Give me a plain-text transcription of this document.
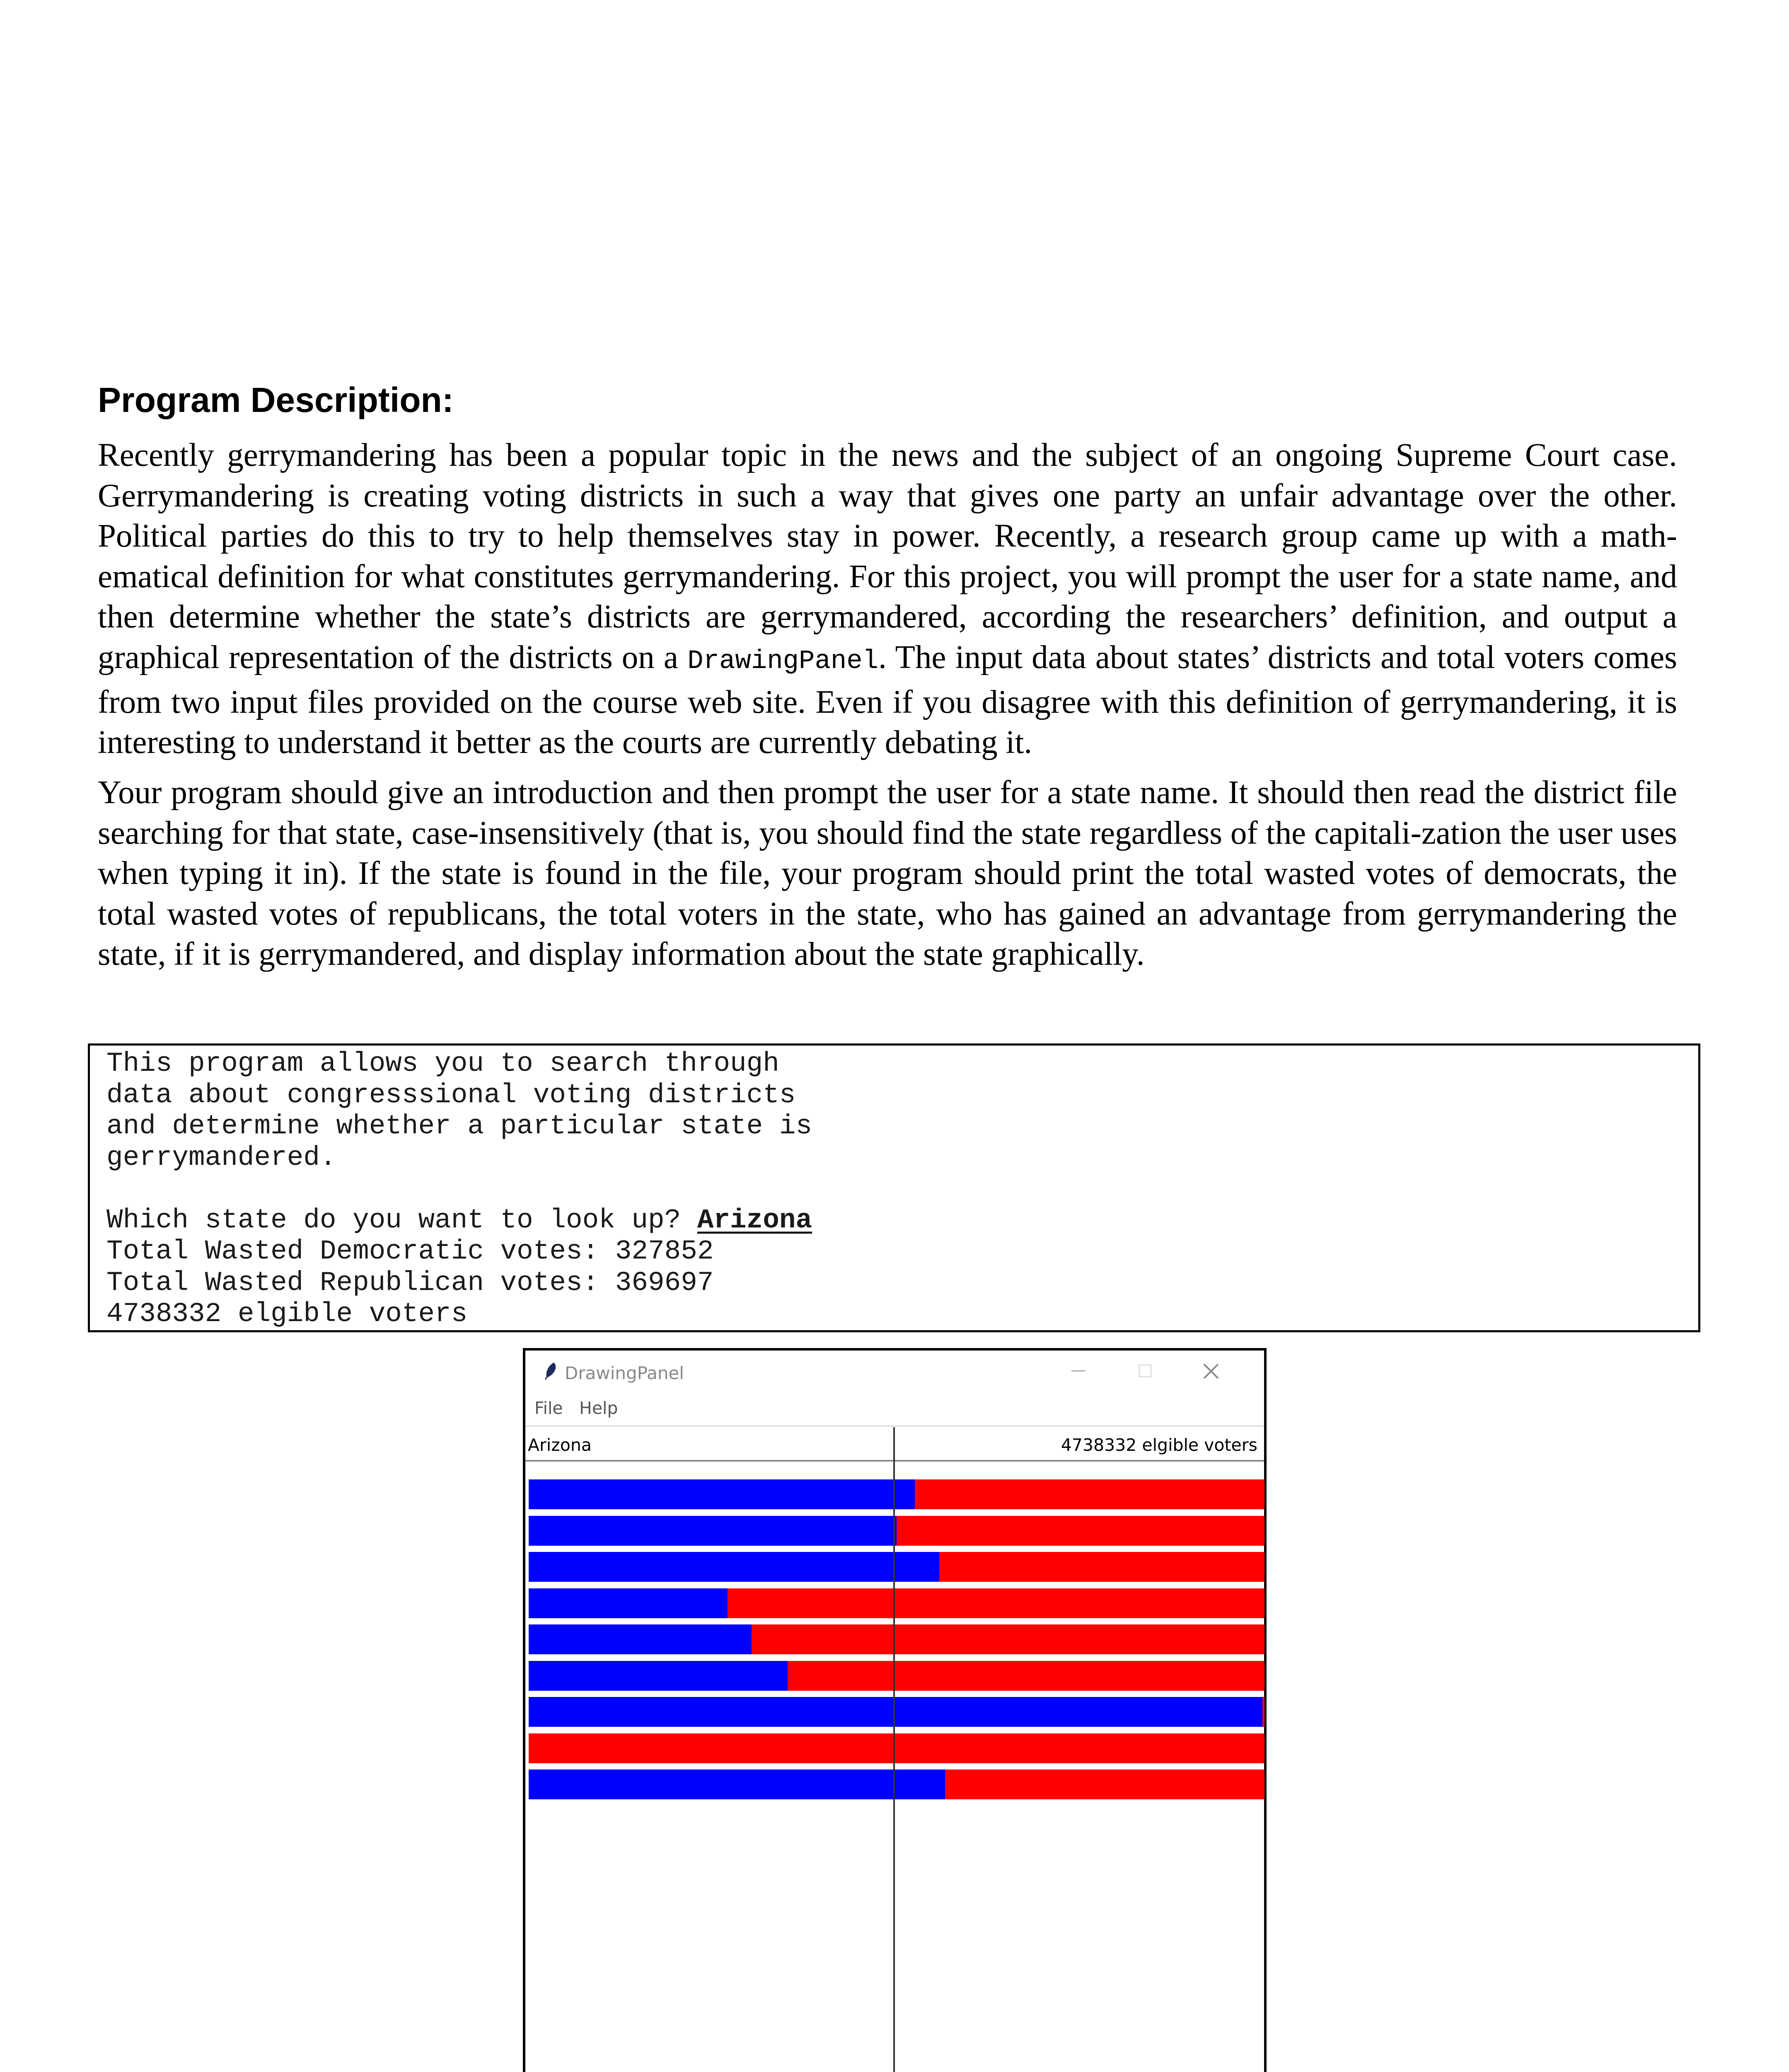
Program Description:

Recently gerrymandering has been a popular topic in the news and the subject of an ongoing Supreme Court case. Gerrymandering is creating voting districts in such a way that gives one party an unfair advantage over the other. Political parties do this to try to help themselves stay in power. Recently, a research group came up with a math-ematical definition for what constitutes gerrymandering. For this project, you will prompt the user for a state name, and then determine whether the state’s districts are gerrymandered, according the researchers’ definition, and output a graphical representation of the districts on a DrawingPanel. The input data about states’ districts and total voters comes from two input files provided on the course web site. Even if you disagree with this definition of gerrymandering, it is interesting to understand it better as the courts are currently debating it.

Your program should give an introduction and then prompt the user for a state name. It should then read the district file searching for that state, case-insensitively (that is, you should find the state regardless of the capitali-zation the user uses when typing it in). If the state is found in the file, your program should print the total wasted votes of democrats, the total wasted votes of republicans, the total voters in the state, who has gained an advantage from gerrymandering the state, if it is gerrymandered, and display information about the state graphically.

This program allows you to search through
data about congresssional voting districts
and determine whether a particular state is
gerrymandered.
Which state do you want to look up? Arizona
Total Wasted Democratic votes: 327852
Total Wasted Republican votes: 369697
4738332 elgible voters
DrawingPanel
File Help
Arizona	4738332 elgible voters
